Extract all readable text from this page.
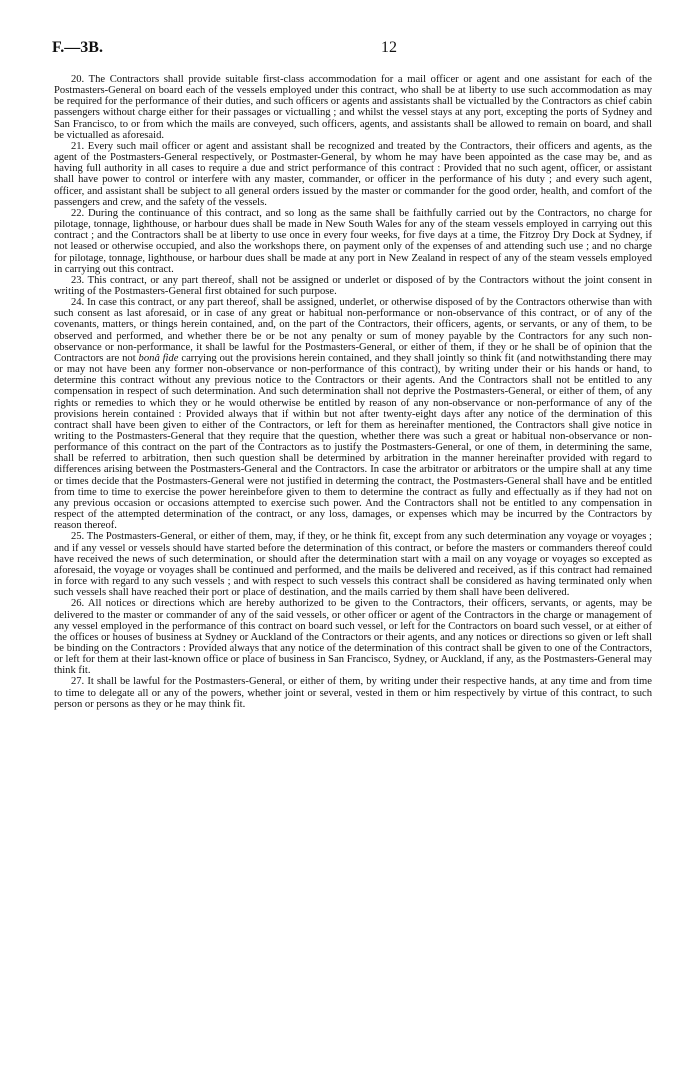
F.—3B.	12

20. The Contractors shall provide suitable first-class accommodation for a mail officer or agent and one assistant for each of the Postmasters-General on board each of the vessels employed under this contract, who shall be at liberty to use such accommodation as may be required for the performance of their duties, and such officers or agents and assistants shall be victualled by the Contractors as chief cabin passengers without charge either for their passages or victualling ; and whilst the vessel stays at any port, excepting the ports of Sydney and San Francisco, to or from which the mails are conveyed, such officers, agents, and assistants shall be allowed to remain on board, and shall be victualled as aforesaid.

21. Every such mail officer or agent and assistant shall be recognized and treated by the Contractors, their officers and agents, as the agent of the Postmasters-General respectively, or Postmaster-General, by whom he may have been appointed as the case may be, and as having full authority in all cases to require a due and strict performance of this contract : Provided that no such agent, officer, or assistant shall have power to control or interfere with any master, commander, or officer in the performance of his duty ; and every such agent, officer, and assistant shall be subject to all general orders issued by the master or commander for the good order, health, and comfort of the passengers and crew, and the safety of the vessels.

22. During the continuance of this contract, and so long as the same shall be faithfully carried out by the Contractors, no charge for pilotage, tonnage, lighthouse, or harbour dues shall be made in New South Wales for any of the steam vessels employed in carrying out this contract ; and the Contractors shall be at liberty to use once in every four weeks, for five days at a time, the Fitzroy Dry Dock at Sydney, if not leased or otherwise occupied, and also the workshops there, on payment only of the expenses of and attending such use ; and no charge for pilotage, tonnage, lighthouse, or harbour dues shall be made at any port in New Zealand in respect of any of the steam vessels employed in carrying out this contract.

23. This contract, or any part thereof, shall not be assigned or underlet or disposed of by the Contractors without the joint consent in writing of the Postmasters-General first obtained for such purpose.

24. In case this contract, or any part thereof, shall be assigned, underlet, or otherwise disposed of by the Contractors otherwise than with such consent as last aforesaid, or in case of any great or habitual non-performance or non-observance of this contract, or of any of the covenants, matters, or things herein contained, and, on the part of the Contractors, their officers, agents, or servants, or any of them, to be observed and performed, and whether there be or be not any penalty or sum of money payable by the Contractors for any such non-observance or non-performance, it shall be lawful for the Postmasters-General, or either of them, if they or he shall be of opinion that the Contractors are not bonâ fide carrying out the provisions herein contained, and they shall jointly so think fit (and notwithstanding there may or may not have been any former non-observance or non-performance of this contract), by writing under their or his hands or hand, to determine this contract without any previous notice to the Contractors or their agents. And the Contractors shall not be entitled to any compensation in respect of such determination. And such determination shall not deprive the Postmasters-General, or either of them, of any rights or remedies to which they or he would otherwise be entitled by reason of any non-observance or non-performance of any of the provisions herein contained : Provided always that if within but not after twenty-eight days after any notice of the dermination of this contract shall have been given to either of the Contractors, or left for them as hereinafter mentioned, the Contractors shall give notice in writing to the Postmasters-General that they require that the question, whether there was such a great or habitual non-observance or non-performance of this contract on the part of the Contractors as to justify the Postmasters-General, or one of them, in determining the same, shall be referred to arbitration, then such question shall be determined by arbitration in the manner hereinafter provided with regard to differences arising between the Postmasters-General and the Contractors. In case the arbitrator or arbitrators or the umpire shall at any time or times decide that the Postmasters-General were not justified in determing the contract, the Postmasters-General shall have and be entitled from time to time to exercise the power hereinbefore given to them to determine the contract as fully and effectually as if they had not on any previous occasion or occasions attempted to exercise such power. And the Contractors shall not be entitled to any compensation in respect of the attempted determination of the contract, or any loss, damages, or expenses which may be incurred by the Contractors by reason thereof.

25. The Postmasters-General, or either of them, may, if they, or he think fit, except from any such determination any voyage or voyages ; and if any vessel or vessels should have started before the determination of this contract, or before the masters or commanders thereof could have received the news of such determination, or should after the determination start with a mail on any voyage or voyages so excepted as aforesaid, the voyage or voyages shall be continued and performed, and the mails be delivered and received, as if this contract had remained in force with regard to any such vessels ; and with respect to such vessels this contract shall be considered as having terminated only when such vessels shall have reached their port or place of destination, and the mails carried by them shall have been delivered.

26. All notices or directions which are hereby authorized to be given to the Contractors, their officers, servants, or agents, may be delivered to the master or commander of any of the said vessels, or other officer or agent of the Contractors in the charge or management of any vessel employed in the performance of this contract on board such vessel, or left for the Contractors on board such vessel, or at either of the offices or houses of business at Sydney or Auckland of the Contractors or their agents, and any notices or directions so given or left shall be binding on the Contractors : Provided always that any notice of the determination of this contract shall be given to one of the Contractors, or left for them at their last-known office or place of business in San Francisco, Sydney, or Auckland, if any, as the Postmasters-General may think fit.

27. It shall be lawful for the Postmasters-General, or either of them, by writing under their respective hands, at any time and from time to time to delegate all or any of the powers, whether joint or several, vested in them or him respectively by virtue of this contract, to such person or persons as they or he may think fit.
